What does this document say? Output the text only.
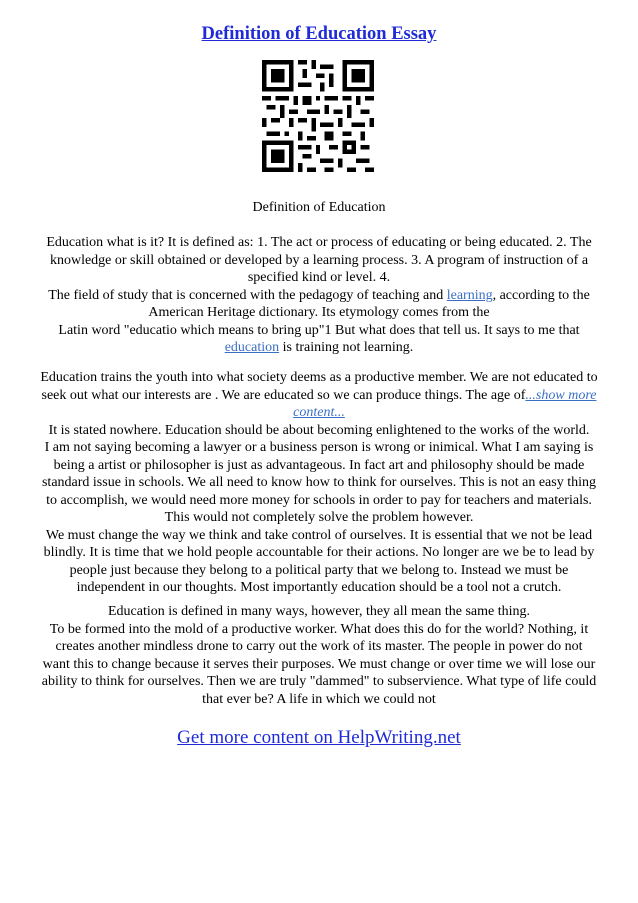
Definition of Education Essay

Definition of Education

Education what is it? It is defined as: 1. The act or process of educating or being educated. 2. The
knowledge or skill obtained or developed by a learning process. 3. A program of instruction of a
specified kind or level. 4.
The field of study that is concerned with the pedagogy of teaching and learning, according to the
American Heritage dictionary. Its etymology comes from the
Latin word "educatio which means to bring up"1 But what does that tell us. It says to me that
education is training not learning.
Education trains the youth into what society deems as a productive member. We are not educated to
seek out what our interests are . We are educated so we can produce things. The age of...show more
content...
It is stated nowhere. Education should be about becoming enlightened to the works of the world.
I am not saying becoming a lawyer or a business person is wrong or inimical. What I am saying is
being a artist or philosopher is just as advantageous. In fact art and philosophy should be made
standard issue in schools. We all need to know how to think for ourselves. This is not an easy thing
to accomplish, we would need more money for schools in order to pay for teachers and materials.
This would not completely solve the problem however.
We must change the way we think and take control of ourselves. It is essential that we not be lead
blindly. It is time that we hold people accountable for their actions. No longer are we be to lead by
people just because they belong to a political party that we belong to. Instead we must be
independent in our thoughts. Most importantly education should be a tool not a crutch.
Education is defined in many ways, however, they all mean the same thing.
To be formed into the mold of a productive worker. What does this do for the world? Nothing, it
creates another mindless drone to carry out the work of its master. The people in power do not
want this to change because it serves their purposes. We must change or over time we will lose our
ability to think for ourselves. Then we are truly "dammed" to subservience. What type of life could
that ever be? A life in which we could not

Get more content on HelpWriting.net
